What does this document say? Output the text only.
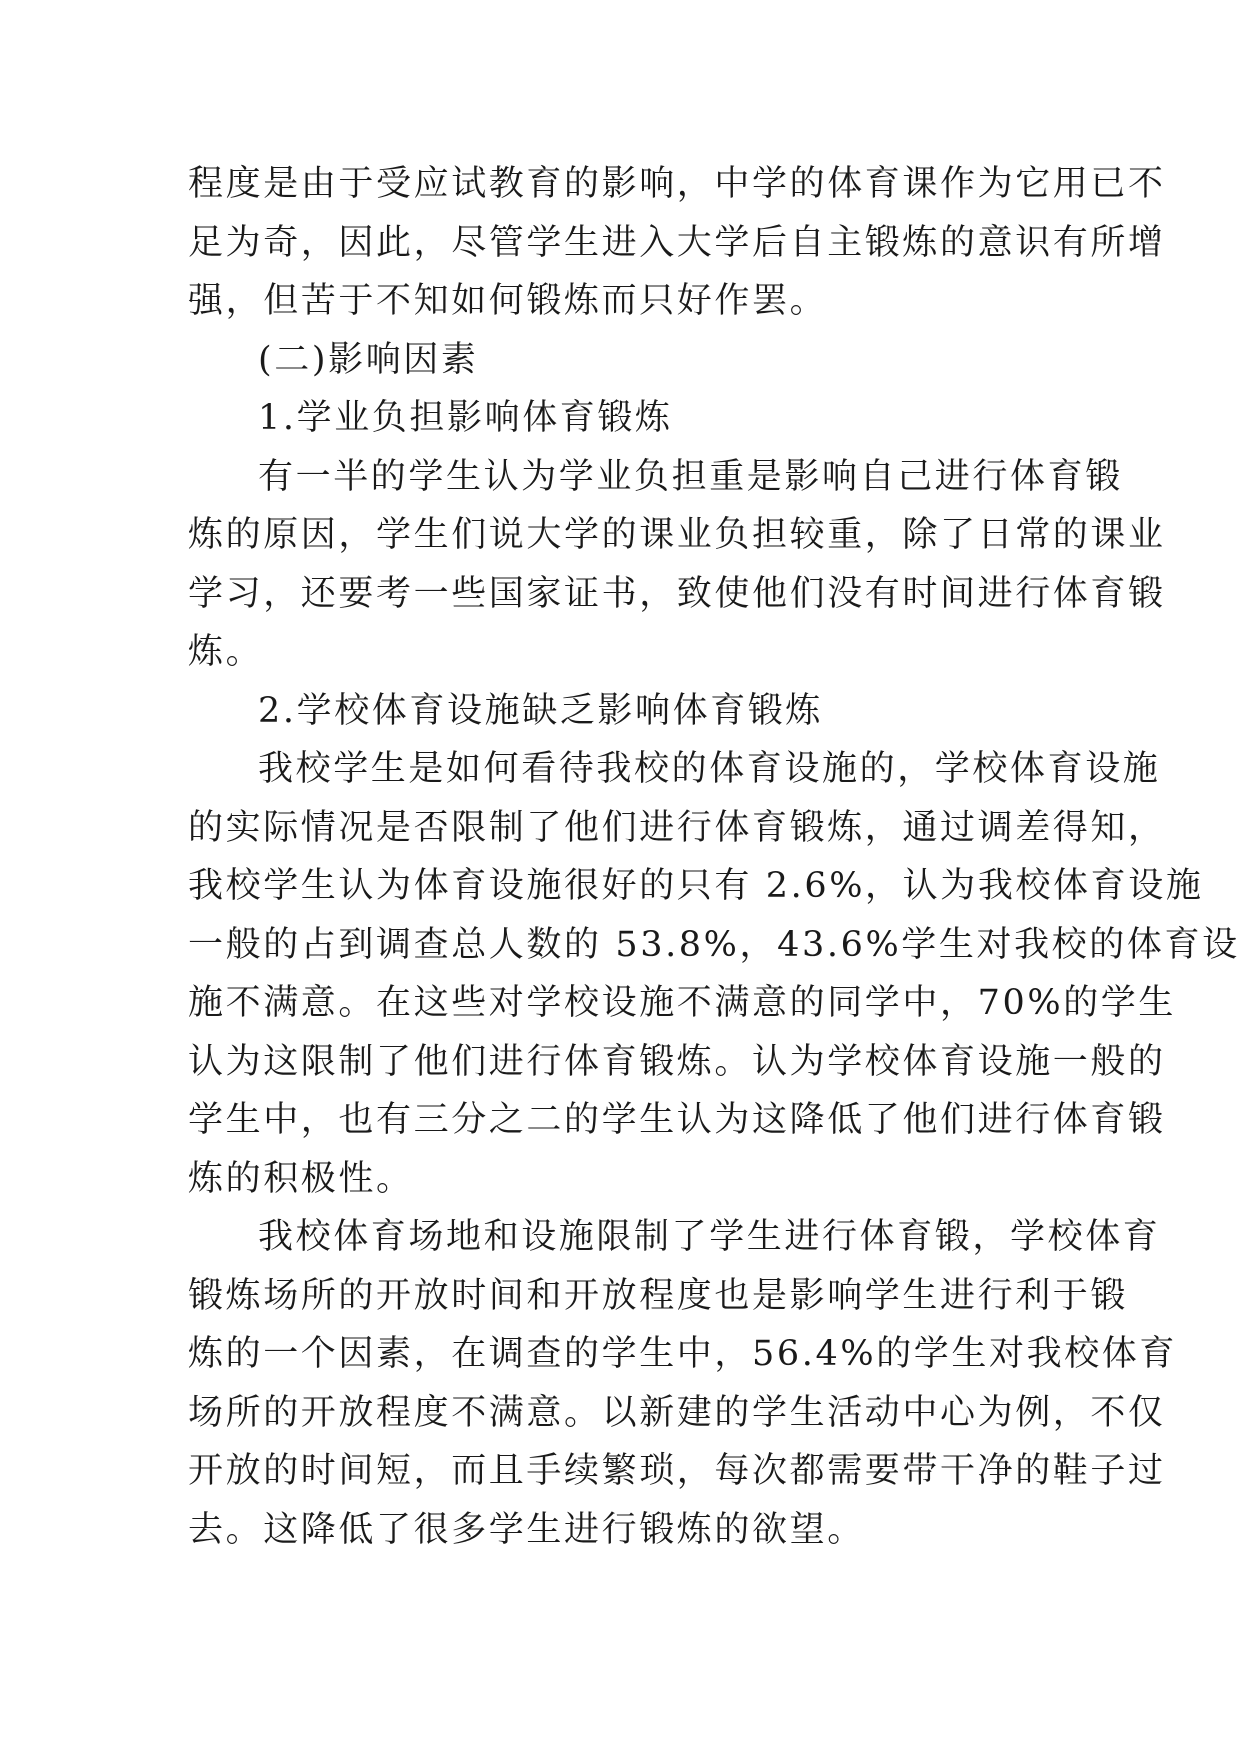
程度是由于受应试教育的影响，中学的体育课作为它用已不
足为奇，因此，尽管学生进入大学后自主锻炼的意识有所增
强，但苦于不知如何锻炼而只好作罢。
(二)影响因素
1.学业负担影响体育锻炼
有一半的学生认为学业负担重是影响自己进行体育锻
炼的原因，学生们说大学的课业负担较重，除了日常的课业
学习，还要考一些国家证书，致使他们没有时间进行体育锻
炼。
2.学校体育设施缺乏影响体育锻炼
我校学生是如何看待我校的体育设施的，学校体育设施
的实际情况是否限制了他们进行体育锻炼，通过调差得知，
我校学生认为体育设施很好的只有 2.6%，认为我校体育设施
一般的占到调查总人数的 53.8%，43.6%学生对我校的体育设
施不满意。在这些对学校设施不满意的同学中，70%的学生
认为这限制了他们进行体育锻炼。认为学校体育设施一般的
学生中，也有三分之二的学生认为这降低了他们进行体育锻
炼的积极性。
我校体育场地和设施限制了学生进行体育锻，学校体育
锻炼场所的开放时间和开放程度也是影响学生进行利于锻
炼的一个因素，在调查的学生中，56.4%的学生对我校体育
场所的开放程度不满意。以新建的学生活动中心为例，不仅
开放的时间短，而且手续繁琐，每次都需要带干净的鞋子过
去。这降低了很多学生进行锻炼的欲望。
